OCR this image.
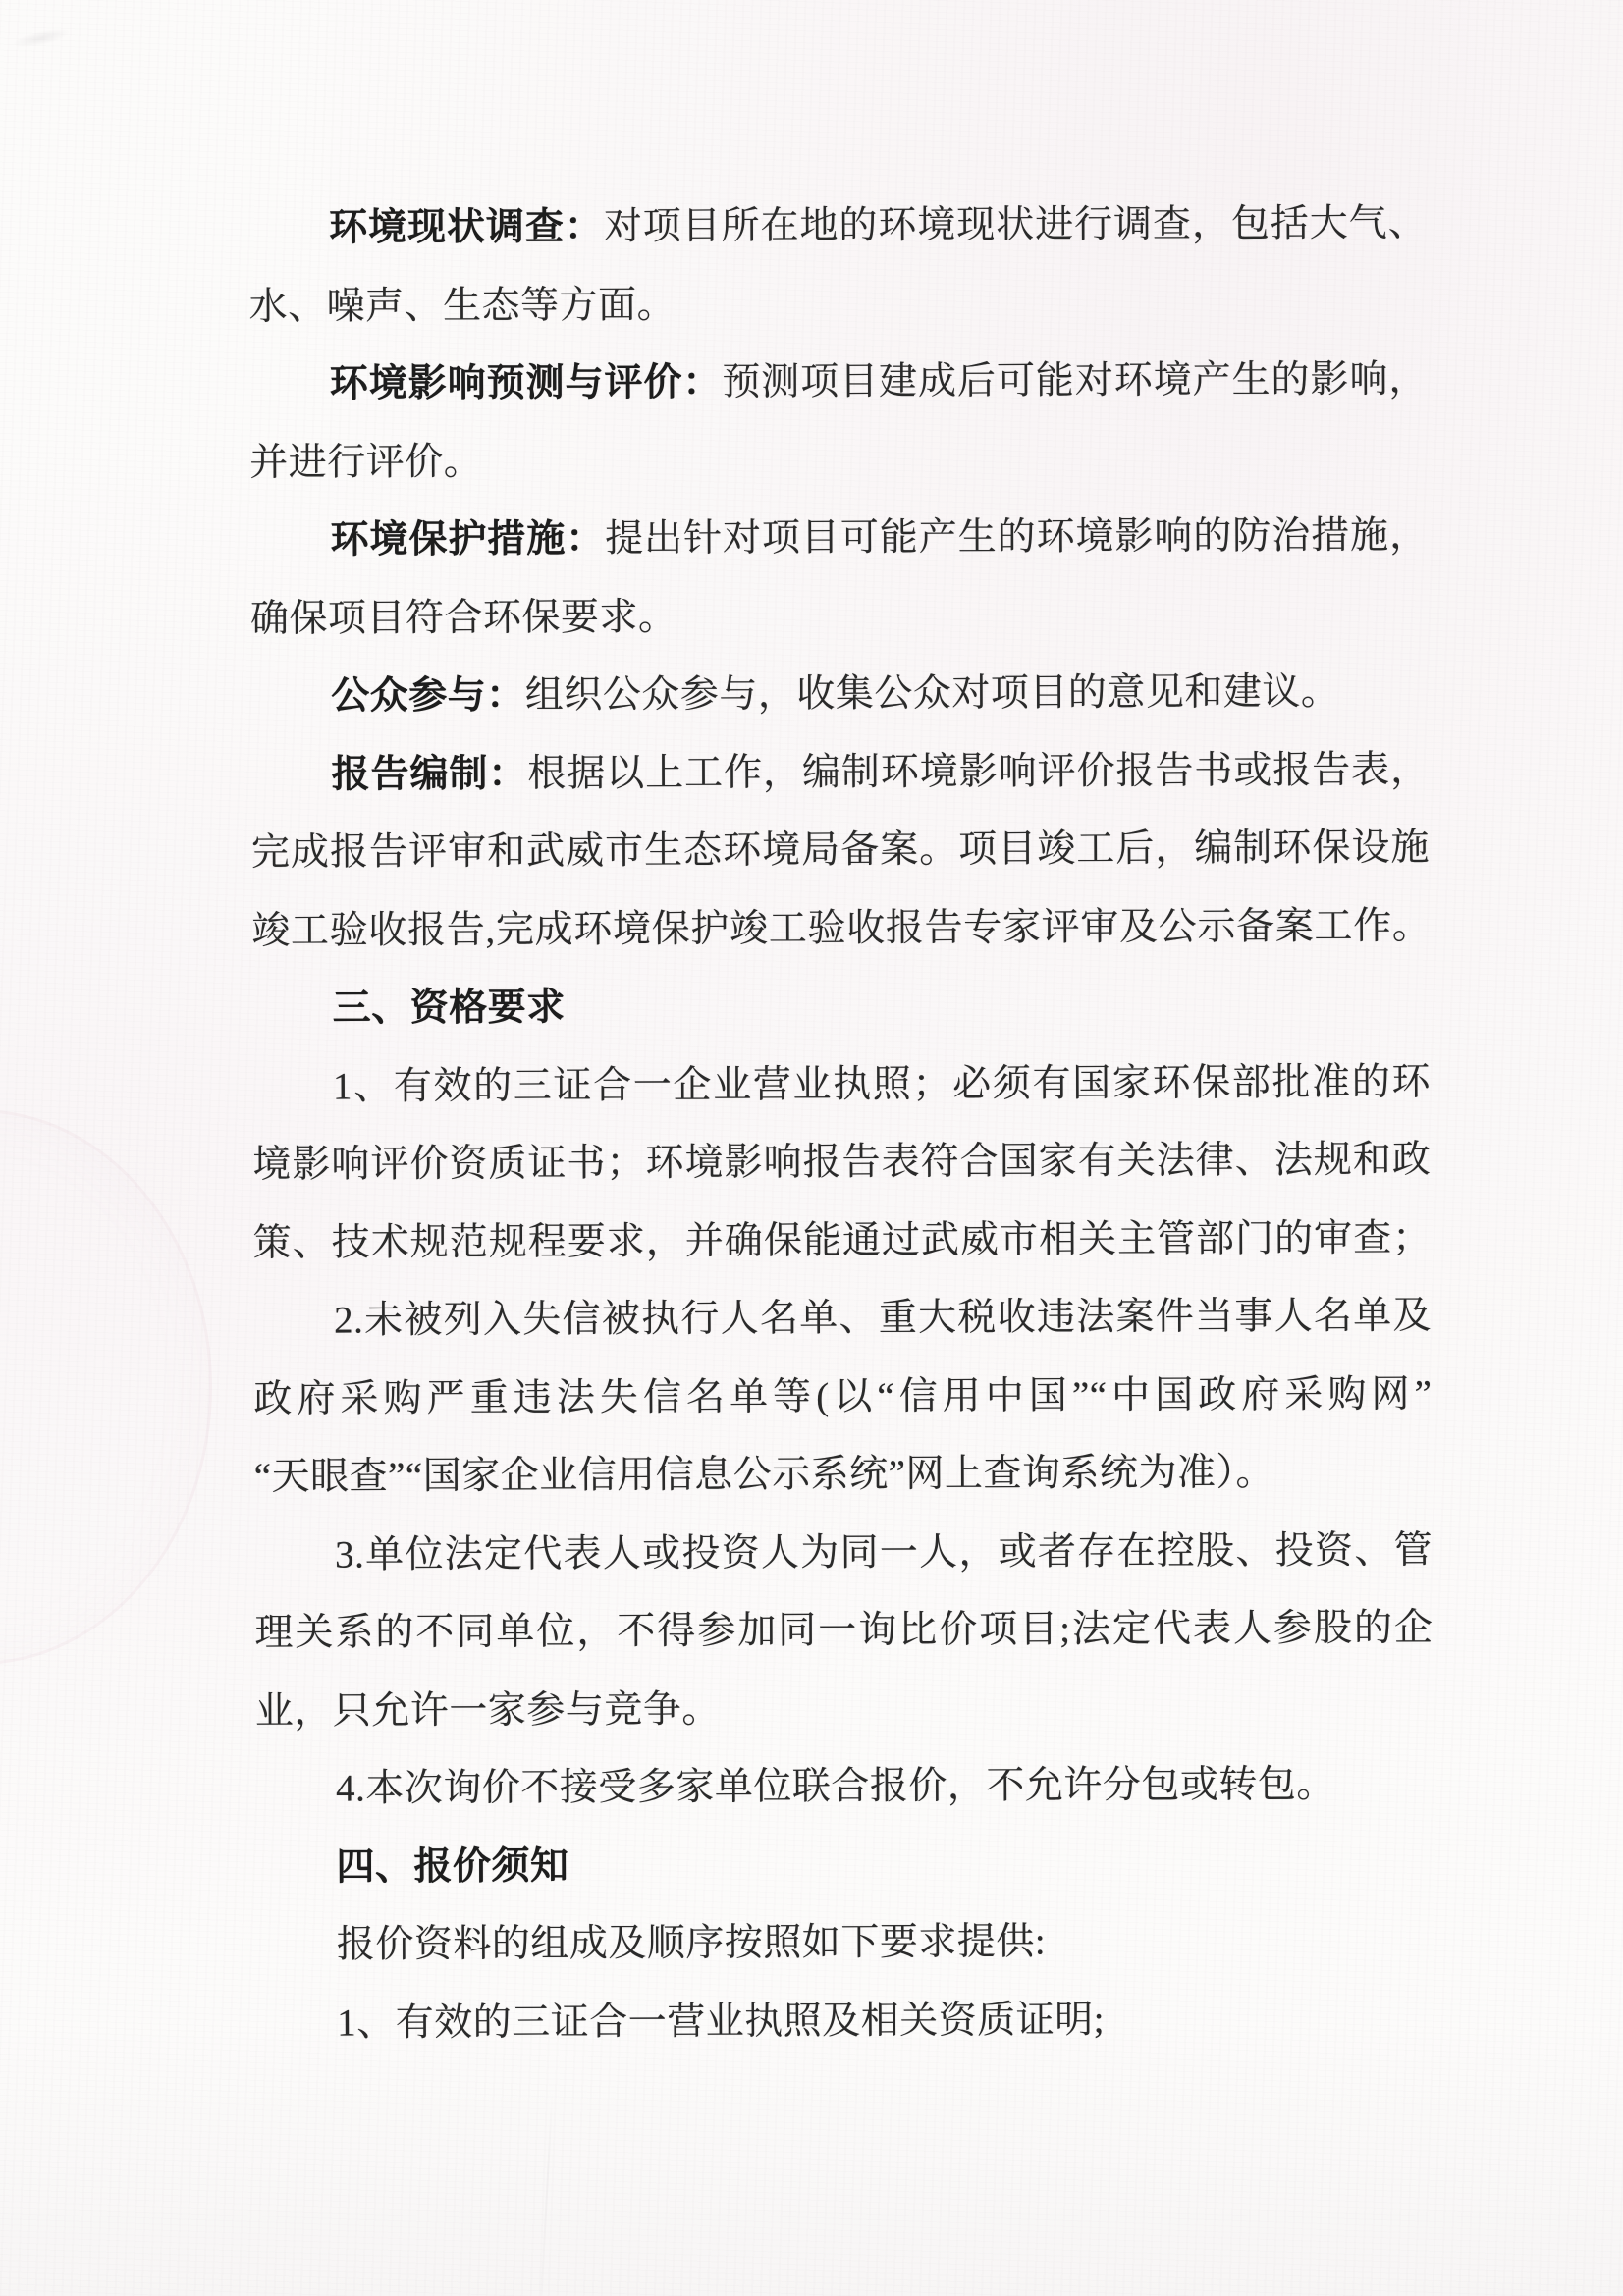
环境现状调查：对项目所在地的环境现状进行调查，包括大气、
水、噪声、生态等方面。
环境影响预测与评价：预测项目建成后可能对环境产生的影响，
并进行评价。
环境保护措施：提出针对项目可能产生的环境影响的防治措施，
确保项目符合环保要求。
公众参与：组织公众参与，收集公众对项目的意见和建议。
报告编制：根据以上工作，编制环境影响评价报告书或报告表，
完成报告评审和武威市生态环境局备案。项目竣工后，编制环保设施
竣工验收报告,完成环境保护竣工验收报告专家评审及公示备案工作。
三、资格要求
1、有效的三证合一企业营业执照；必须有国家环保部批准的环
境影响评价资质证书；环境影响报告表符合国家有关法律、法规和政
策、技术规范规程要求，并确保能通过武威市相关主管部门的审查；
2.未被列入失信被执行人名单、重大税收违法案件当事人名单及
政府采购严重违法失信名单等(以“信用中国”“中国政府采购网”
“天眼查”“国家企业信用信息公示系统”网上查询系统为准）。
3.单位法定代表人或投资人为同一人，或者存在控股、投资、管
理关系的不同单位，不得参加同一询比价项目;法定代表人参股的企
业，只允许一家参与竞争。
4.本次询价不接受多家单位联合报价，不允许分包或转包。
四、报价须知
报价资料的组成及顺序按照如下要求提供:
1、有效的三证合一营业执照及相关资质证明;
